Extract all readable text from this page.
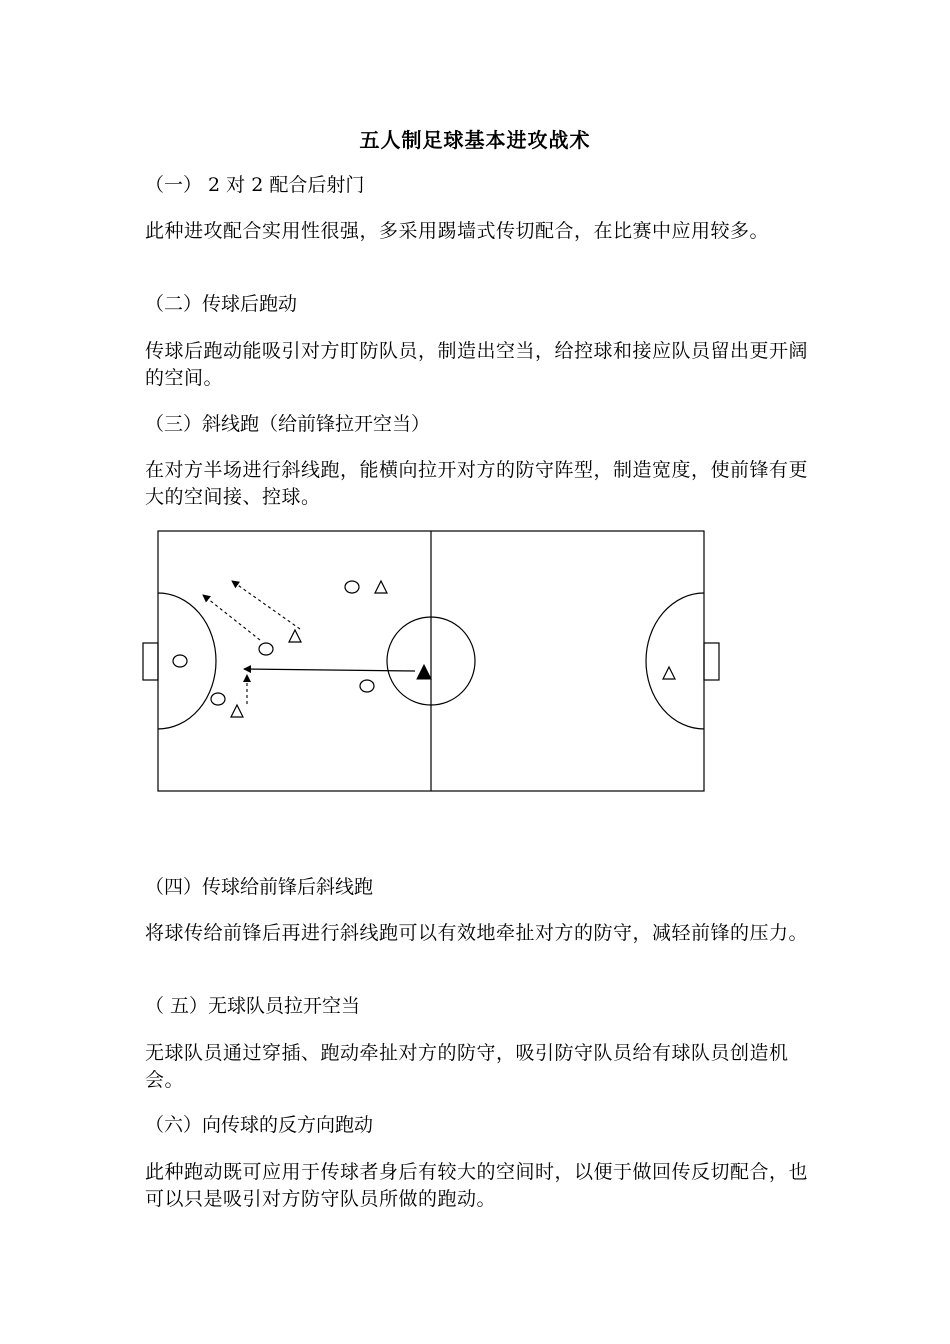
五人制足球基本进攻战术
（一） 2 对 2 配合后射门
此种进攻配合实用性很强，多采用踢墙式传切配合，在比赛中应用较多。
（二）传球后跑动
传球后跑动能吸引对方盯防队员，制造出空当，给控球和接应队员留出更开阔的空间。
（三）斜线跑（给前锋拉开空当）
在对方半场进行斜线跑，能横向拉开对方的防守阵型，制造宽度，使前锋有更大的空间接、控球。
（四）传球给前锋后斜线跑
将球传给前锋后再进行斜线跑可以有效地牵扯对方的防守，减轻前锋的压力。
（ 五）无球队员拉开空当
无球队员通过穿插、跑动牵扯对方的防守，吸引防守队员给有球队员创造机会。
（六）向传球的反方向跑动
此种跑动既可应用于传球者身后有较大的空间时，以便于做回传反切配合，也可以只是吸引对方防守队员所做的跑动。
